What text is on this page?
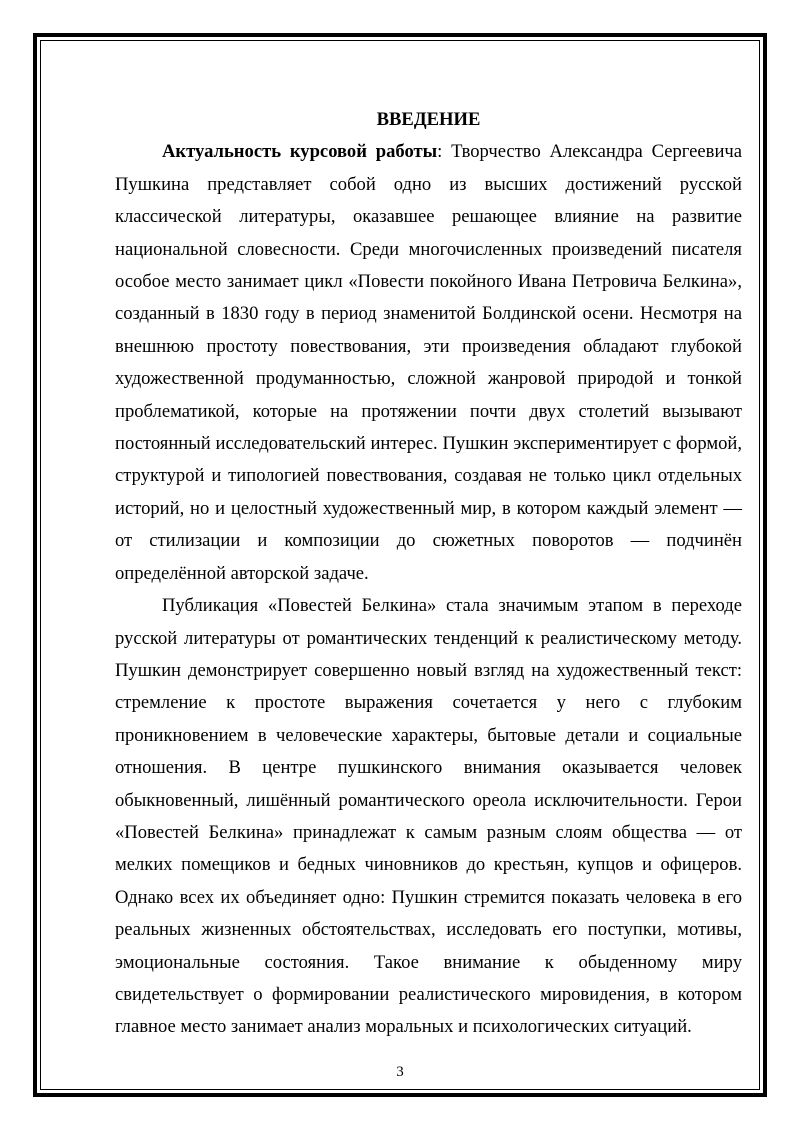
ВВЕДЕНИЕ

Актуальность курсовой работы: Творчество Александра Сергеевича Пушкина представляет собой одно из высших достижений русской классической литературы, оказавшее решающее влияние на развитие национальной словесности. Среди многочисленных произведений писателя особое место занимает цикл «Повести покойного Ивана Петровича Белкина», созданный в 1830 году в период знаменитой Болдинской осени. Несмотря на внешнюю простоту повествования, эти произведения обладают глубокой художественной продуманностью, сложной жанровой природой и тонкой проблематикой, которые на протяжении почти двух столетий вызывают постоянный исследовательский интерес. Пушкин экспериментирует с формой, структурой и типологией повествования, создавая не только цикл отдельных историй, но и целостный художественный мир, в котором каждый элемент — от стилизации и композиции до сюжетных поворотов — подчинён определённой авторской задаче.

Публикация «Повестей Белкина» стала значимым этапом в переходе русской литературы от романтических тенденций к реалистическому методу. Пушкин демонстрирует совершенно новый взгляд на художественный текст: стремление к простоте выражения сочетается у него с глубоким проникновением в человеческие характеры, бытовые детали и социальные отношения. В центре пушкинского внимания оказывается человек обыкновенный, лишённый романтического ореола исключительности. Герои «Повестей Белкина» принадлежат к самым разным слоям общества — от мелких помещиков и бедных чиновников до крестьян, купцов и офицеров. Однако всех их объединяет одно: Пушкин стремится показать человека в его реальных жизненных обстоятельствах, исследовать его поступки, мотивы, эмоциональные состояния. Такое внимание к обыденному миру свидетельствует о формировании реалистического мировидения, в котором главное место занимает анализ моральных и психологических ситуаций.

3
